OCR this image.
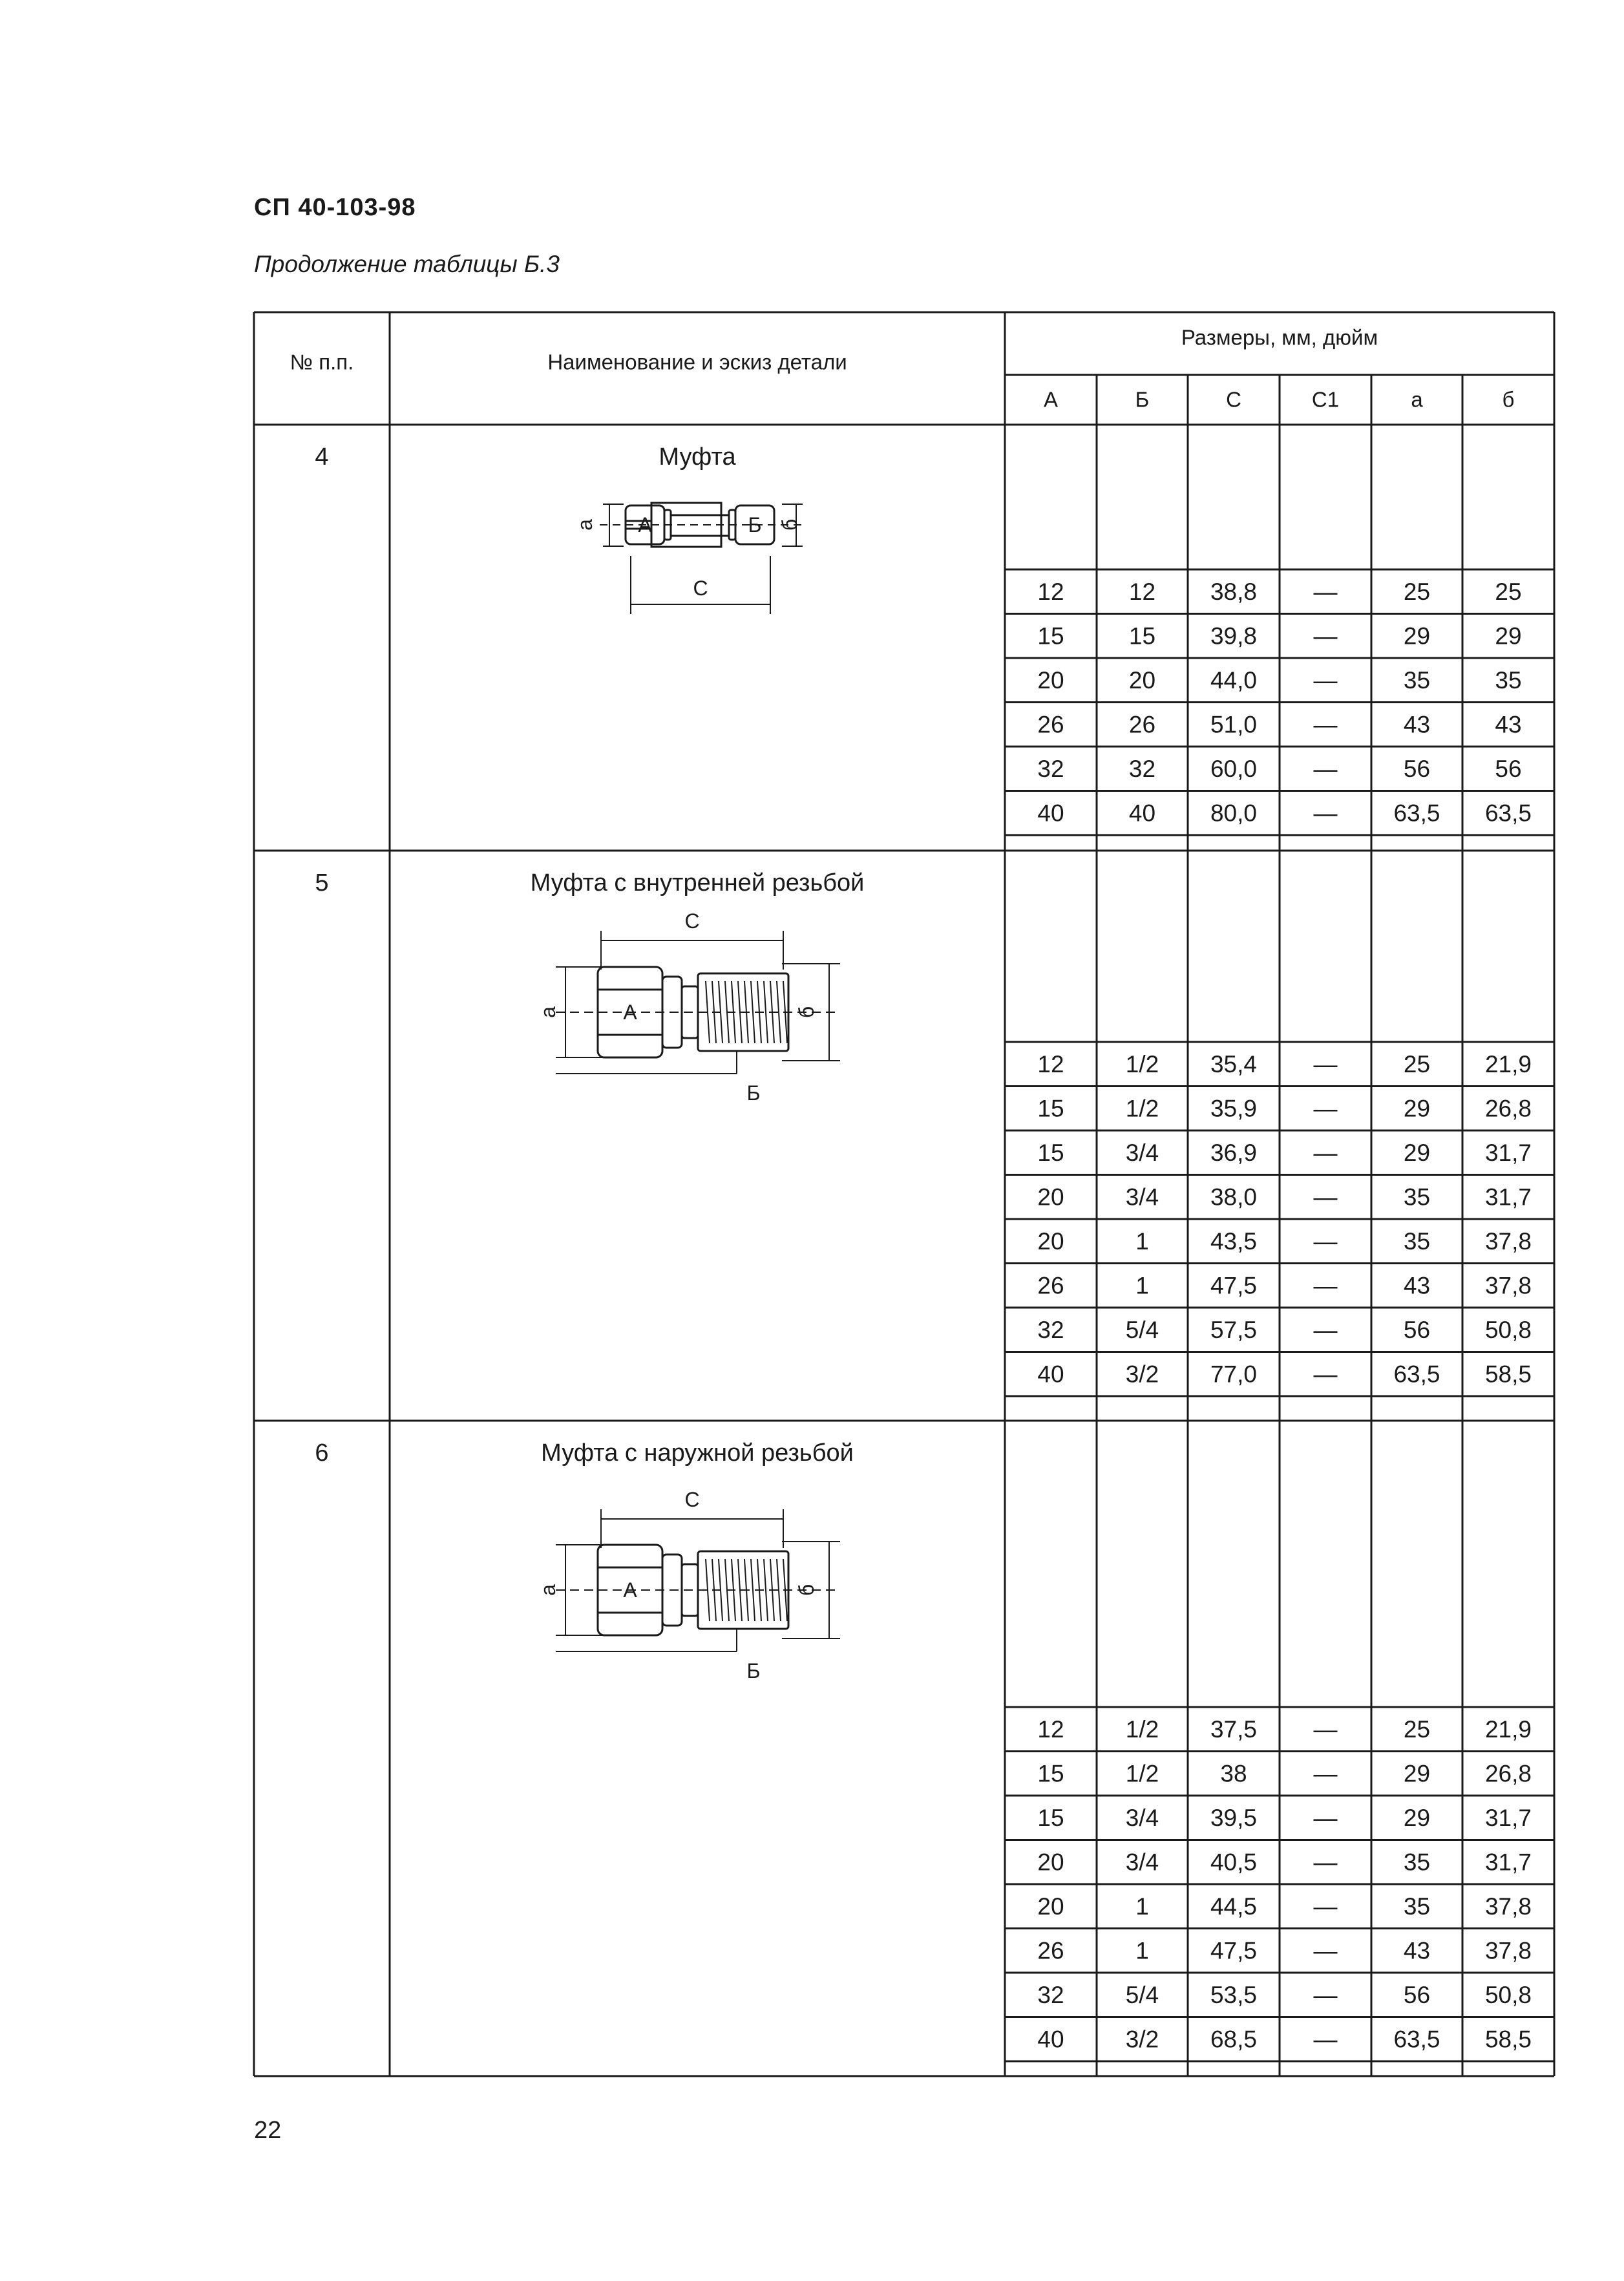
СП 40-103-98
Продолжение таблицы Б.3
№ п.п.	Наименование и эскиз детали
Размеры, мм, дюйм
А	Б	С	С1	а	б
4	Муфта
12	12 38,8 —	25	25
15	15 39,8 —	29	29
20	20 44,0 —	35	35
26	26 51,0 —	43	43
32	32 60,0 —	56	56
40	40 80,0 — 63,5 63,5
а А	Б б
С
5	Муфта с внутренней резьбой
12	1/2 35,4 —	25 21,9
15	1/2 35,9 —	29 26,8
15	3/4 36,9 —	29 31,7
20	3/4 38,0 —	35 31,7
20	1	43,5 —	35 37,8
26	1	47,5 —	43 37,8
32	5/4 57,5 —	56 50,8
40	3/2 77,0 — 63,5 58,5
С
а	А	б
Б
6	Муфта с наружной резьбой
12	1/2 37,5 —	25 21,9
15	1/2	38	—	29 26,8
15	3/4 39,5 —	29 31,7
20	3/4 40,5 —	35 31,7
20	1	44,5 —	35 37,8
26	1	47,5 —	43 37,8
32	5/4 53,5 —	56 50,8
40	3/2 68,5 — 63,5 58,5
С
а	А	б
Б
22
